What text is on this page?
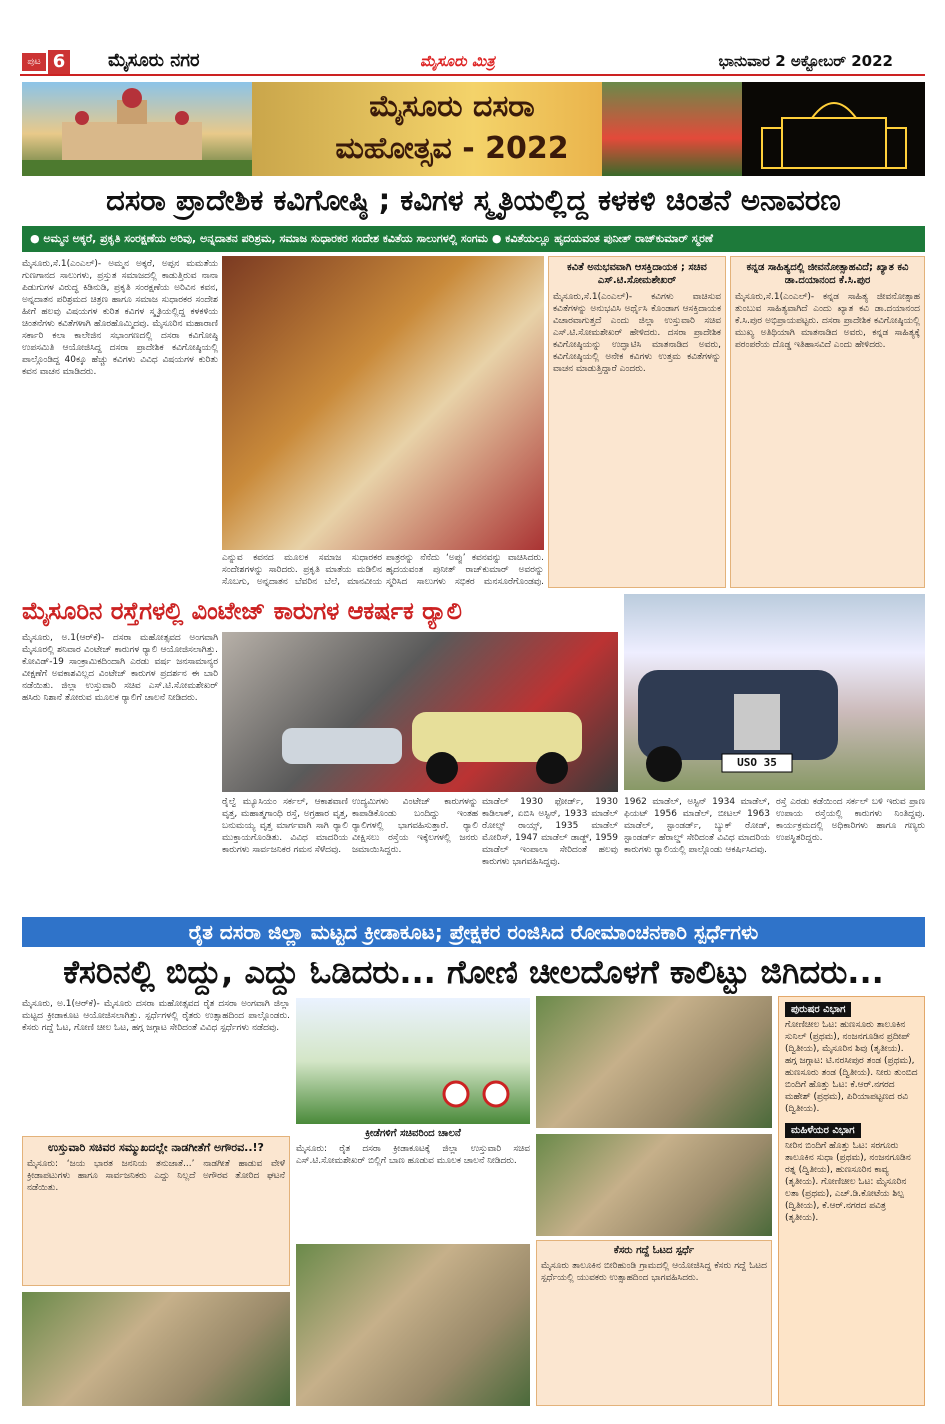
ಪುಟ 6 ಮೈಸೂರು ನಗರ	ಮೈಸೂರು ಮಿತ್ರ	ಭಾನುವಾರ 2 ಅಕ್ಟೋಬರ್ 2022
ಮೈಸೂರು ದಸರಾ
ಮಹೋತ್ಸವ - 2022
ದಸರಾ ಪ್ರಾದೇಶಿಕ ಕವಿಗೋಷ್ಠಿ ; ಕವಿಗಳ ಸ್ಮೃತಿಯಲ್ಲಿದ್ದ ಕಳಕಳಿ ಚಿಂತನೆ ಅನಾವರಣ
● ಅಮ್ಮನ ಅಕ್ಕರೆ, ಪ್ರಕೃತಿ ಸಂರಕ್ಷಣೆಯ ಅರಿವು, ಅನ್ನದಾತನ ಪರಿಶ್ರಮ, ಸಮಾಜ ಸುಧಾರಕರ ಸಂದೇಶ ಕವಿತೆಯ ಸಾಲುಗಳಲ್ಲಿ ಸಂಗಮ ● ಕವಿತೆಯಲ್ಲೂ ಹೃದಯವಂತ ಪುನೀತ್ ರಾಜ್‌ಕುಮಾರ್ ಸ್ಮರಣೆ
ಮೈಸೂರು,ಸೆ.1(ಎಂಎಲ್)- ಅಮ್ಮನ ಅಕ್ಕರೆ, ಅಪ್ಪನ ಮಮತೆಯ ಗುಣಗಾನದ ಸಾಲುಗಳು, ಪ್ರಸ್ತುತ ಸಮಾಜದಲ್ಲಿ ಕಾಡುತ್ತಿರುವ ನಾನಾ ಪಿಡುಗುಗಳ ವಿರುದ್ಧ ಕಿಡಿನುಡಿ, ಪ್ರಕೃತಿ ಸಂರಕ್ಷಣೆಯ ಅರಿವಿನ ಕವನ, ಅನ್ನದಾತನ ಪರಿಶ್ರಮದ ಚಿತ್ರಣ ಹಾಗೂ ಸಮಾಜ ಸುಧಾರಕರ ಸಂದೇಶ ಹೀಗೆ ಹಲವು ವಿಷಯಗಳ ಕುರಿತ ಕವಿಗಳ ಸ್ಮೃತಿಯಲ್ಲಿದ್ದ ಕಳಕಳಿಯ ಚಿಂತನೆಗಳು ಕವಿತೆಗಳಾಗಿ ಹೊರಹೊಮ್ಮಿದವು. ಮೈಸೂರಿನ ಮಹಾರಾಣಿ ಸರ್ಕಾರಿ ಕಲಾ ಕಾಲೇಜಿನ ಸಭಾಂಗಣದಲ್ಲಿ ದಸರಾ ಕವಿಗೋಷ್ಠಿ ಉಪಸಮಿತಿ ಆಯೋಜಿಸಿದ್ದ ದಸರಾ ಪ್ರಾದೇಶಿಕ ಕವಿಗೋಷ್ಠಿಯಲ್ಲಿ ಪಾಲ್ಗೊಂಡಿದ್ದ 40ಕ್ಕೂ ಹೆಚ್ಚು ಕವಿಗಳು ವಿವಿಧ ವಿಷಯಗಳ ಕುರಿತು ಕವನ ವಾಚನ ಮಾಡಿದರು.
ಎನ್ನುವ ಕವನದ ಮೂಲಕ ಸಮಾಜ ಸುಧಾರಕರ ಸಂದೇಶಗಳನ್ನು ಸಾರಿದರು. ಪ್ರಕೃತಿ ಮಾತೆಯ ಮಡಿಲಿನ ಸೊಬಗು, ಅನ್ನದಾತನ ಬೆವರಿನ ಬೆಲೆ, ಮಾನವೀಯ
ಪಾತ್ರರನ್ನು ನೆನೆದು ‘ಅಪ್ಪು’ ಕವನವನ್ನು ವಾಚಿಸಿದರು. ಹೃದಯವಂತ ಪುನೀತ್ ರಾಜ್‌ಕುಮಾರ್ ಅವರನ್ನು ಸ್ಮರಿಸಿದ ಸಾಲುಗಳು ಸಭಿಕರ ಮನಸೂರೆಗೊಂಡವು.
ಕವಿತೆ ಅನುಭವವಾಗಿ ಆಸಕ್ತಿದಾಯಕ ; ಸಚಿವ ಎಸ್.ಟಿ.ಸೋಮಶೇಖರ್
ಮೈಸೂರು,ಸೆ.1(ಎಂಎಲ್)- ಕವಿಗಳು ವಾಚಿಸುವ ಕವಿತೆಗಳನ್ನು ಅನುಭವಿಸಿ ಅರ್ಥೈಸಿ ಕೊಂಡಾಗ ಆಸಕ್ತಿದಾಯಕ ವಿಚಾರವಾಗುತ್ತದೆ ಎಂದು ಜಿಲ್ಲಾ ಉಸ್ತುವಾರಿ ಸಚಿವ ಎಸ್.ಟಿ.ಸೋಮಶೇಖರ್ ಹೇಳಿದರು. ದಸರಾ ಪ್ರಾದೇಶಿಕ ಕವಿಗೋಷ್ಠಿಯನ್ನು ಉದ್ಘಾಟಿಸಿ ಮಾತನಾಡಿದ ಅವರು, ಕವಿಗೋಷ್ಠಿಯಲ್ಲಿ ಅನೇಕ ಕವಿಗಳು ಉತ್ತಮ ಕವಿತೆಗಳನ್ನು ವಾಚನ ಮಾಡುತ್ತಿದ್ದಾರೆ ಎಂದರು.
ಕನ್ನಡ ಸಾಹಿತ್ಯದಲ್ಲಿ ಜೀವನೋತ್ಸಾಹವಿದೆ; ಖ್ಯಾತ ಕವಿ ಡಾ.ದಯಾನಂದ ಕೆ.ಸಿ.ಪುರ
ಮೈಸೂರು,ಸೆ.1(ಎಂಎಲ್)- ಕನ್ನಡ ಸಾಹಿತ್ಯ ಜೀವನೋತ್ಸಾಹ ತುಂಬುವ ಸಾಹಿತ್ಯವಾಗಿದೆ ಎಂದು ಖ್ಯಾತ ಕವಿ ಡಾ.ದಯಾನಂದ ಕೆ.ಸಿ.ಪುರ ಅಭಿಪ್ರಾಯಪಟ್ಟರು. ದಸರಾ ಪ್ರಾದೇಶಿಕ ಕವಿಗೋಷ್ಠಿಯಲ್ಲಿ ಮುಖ್ಯ ಅತಿಥಿಯಾಗಿ ಮಾತನಾಡಿದ ಅವರು, ಕನ್ನಡ ಸಾಹಿತ್ಯಕ್ಕೆ ಪರಂಪರೆಯ ದೊಡ್ಡ ಇತಿಹಾಸವಿದೆ ಎಂದು ಹೇಳಿದರು.
ಮೈಸೂರಿನ ರಸ್ತೆಗಳಲ್ಲಿ ವಿಂಟೇಜ್ ಕಾರುಗಳ ಆಕರ್ಷಕ ರ್‍ಯಾಲಿ
ಮೈಸೂರು, ಅ.1(ಆರ್‌ಕೆ)- ದಸರಾ ಮಹೋತ್ಸವದ ಅಂಗವಾಗಿ ಮೈಸೂರಲ್ಲಿ ಶನಿವಾರ ವಿಂಟೇಜ್ ಕಾರುಗಳ ರ್‍ಯಾಲಿ ಆಯೋಜಿಸಲಾಗಿತ್ತು. ಕೋವಿಡ್-19 ಸಾಂಕ್ರಾಮಿಕದಿಂದಾಗಿ ಎರಡು ವರ್ಷ ಜನಸಾಮಾನ್ಯರ ವೀಕ್ಷಣೆಗೆ ಅವಕಾಶವಿಲ್ಲದ ವಿಂಟೇಜ್ ಕಾರುಗಳ ಪ್ರದರ್ಶನ ಈ ಬಾರಿ ನಡೆಯಿತು. ಜಿಲ್ಲಾ ಉಸ್ತುವಾರಿ ಸಚಿವ ಎಸ್.ಟಿ.ಸೋಮಶೇಖರ್ ಹಸಿರು ನಿಶಾನೆ ತೋರುವ ಮೂಲಕ ರ್‍ಯಾಲಿಗೆ ಚಾಲನೆ ನೀಡಿದರು.
USO 35
ರೈಲ್ವೆ ಮ್ಯೂಸಿಯಂ ಸರ್ಕಲ್, ಆಕಾಶವಾಣಿ ವೃತ್ತ, ಮಹಾತ್ಮಗಾಂಧಿ ರಸ್ತೆ, ಅಗ್ರಹಾರ ವೃತ್ತ, ಬನುಮಯ್ಯ ವೃತ್ತ ಮಾರ್ಗವಾಗಿ ಸಾಗಿ ರ್‍ಯಾಲಿ ಮುಕ್ತಾಯಗೊಂಡಿತು. ವಿವಿಧ ಮಾದರಿಯ ಕಾರುಗಳು ಸಾರ್ವಜನಿಕರ ಗಮನ ಸೆಳೆದವು.
ಉದ್ಯಮಿಗಳು ವಿಂಟೇಜ್ ಕಾರುಗಳನ್ನು ಕಾಪಾಡಿಕೊಂಡು ಬಂದಿದ್ದು ಇಂತಹ ರ್‍ಯಾಲಿಗಳಲ್ಲಿ ಭಾಗವಹಿಸುತ್ತಾರೆ. ರ್‍ಯಾಲಿ ವೀಕ್ಷಿಸಲು ರಸ್ತೆಯ ಇಕ್ಕೆಲಗಳಲ್ಲಿ ಜನರು ಜಮಾಯಿಸಿದ್ದರು.
ಮಾಡೆಲ್ 1930 ಫೋರ್ಡ್, 1930 ಕಾಡಿಲಾಕ್, ಏಬಿಸಿ ಅಸ್ಟಿನ್, 1933 ಮಾಡೆಲ್ ರೋಲ್ಸ್ ರಾಯ್ಸ್, 1935 ಮಾಡೆಲ್ ಮೋರಿಸ್, 1947 ಮಾಡೆಲ್ ಡಾಡ್ಜ್, 1959 ಮಾಡೆಲ್ ಇಂಪಾಲಾ ಸೇರಿದಂತೆ ಹಲವು ಕಾರುಗಳು ಭಾಗವಹಿಸಿದ್ದವು.
1962 ಮಾಡೆಲ್, ಅಸ್ಟಿನ್ 1934 ಮಾಡೆಲ್, ಫಿಯಟ್ 1956 ಮಾಡೆಲ್, ಬೀಟಲ್ 1963 ಮಾಡೆಲ್, ಸ್ಟಾಂಡರ್ಡ್, ಬ್ಯುಕ್ ರೋಡ್, ಸ್ಟಾಂಡರ್ಡ್ ಹೆರಾಲ್ಡ್ ಸೇರಿದಂತೆ ವಿವಿಧ ಮಾದರಿಯ ಕಾರುಗಳು ರ್‍ಯಾಲಿಯಲ್ಲಿ ಪಾಲ್ಗೊಂಡು ಆಕರ್ಷಿಸಿದವು.
ರಸ್ತೆ ಎರಡು ಕಡೆಯಿಂದ ಸರ್ಕಲ್ ಬಳಿ ಇರುವ ಪ್ರಾಣ ಉಪಾಯ ರಸ್ತೆಯಲ್ಲಿ ಕಾರುಗಳು ನಿಂತಿದ್ದವು. ಕಾರ್ಯಕ್ರಮದಲ್ಲಿ ಅಧಿಕಾರಿಗಳು ಹಾಗೂ ಗಣ್ಯರು ಉಪಸ್ಥಿತರಿದ್ದರು.
ರೈತ ದಸರಾ ಜಿಲ್ಲಾ ಮಟ್ಟದ ಕ್ರೀಡಾಕೂಟ; ಪ್ರೇಕ್ಷಕರ ರಂಜಿಸಿದ ರೋಮಾಂಚನಕಾರಿ ಸ್ಪರ್ಧೆಗಳು
ಕೆಸರಿನಲ್ಲಿ ಬಿದ್ದು, ಎದ್ದು ಓಡಿದರು... ಗೋಣಿ ಚೀಲದೊಳಗೆ ಕಾಲಿಟ್ಟು ಜಿಗಿದರು...
ಮೈಸೂರು, ಅ.1(ಆರ್‌ಕೆ)- ಮೈಸೂರು ದಸರಾ ಮಹೋತ್ಸವದ ರೈತ ದಸರಾ ಅಂಗವಾಗಿ ಜಿಲ್ಲಾ ಮಟ್ಟದ ಕ್ರೀಡಾಕೂಟ ಆಯೋಜಿಸಲಾಗಿತ್ತು. ಸ್ಪರ್ಧೆಗಳಲ್ಲಿ ರೈತರು ಉತ್ಸಾಹದಿಂದ ಪಾಲ್ಗೊಂಡರು. ಕೆಸರು ಗದ್ದೆ ಓಟ, ಗೋಣಿ ಚೀಲ ಓಟ, ಹಗ್ಗ ಜಗ್ಗಾಟ ಸೇರಿದಂತೆ ವಿವಿಧ ಸ್ಪರ್ಧೆಗಳು ನಡೆದವು.
ಉಸ್ತುವಾರಿ ಸಚಿವರ ಸಮ್ಮುಖದಲ್ಲೇ ನಾಡಗೀತೆಗೆ ಅಗೌರವ..!?
ಮೈಸೂರು: ‘ಜಯ ಭಾರತ ಜನನಿಯ ತನುಜಾತೆ...’ ನಾಡಗೀತೆ ಹಾಡುವ ವೇಳೆ ಕ್ರೀಡಾಪಟುಗಳು ಹಾಗೂ ಸಾರ್ವಜನಿಕರು ಎದ್ದು ನಿಲ್ಲದೆ ಅಗೌರವ ತೋರಿದ ಘಟನೆ ನಡೆಯಿತು.
ಕ್ರೀಡೆಗಳಿಗೆ ಸಚಿವರಿಂದ ಚಾಲನೆ
ಮೈಸೂರು: ರೈತ ದಸರಾ ಕ್ರೀಡಾಕೂಟಕ್ಕೆ ಜಿಲ್ಲಾ ಉಸ್ತುವಾರಿ ಸಚಿವ ಎಸ್.ಟಿ.ಸೋಮಶೇಖರ್ ಬಿಲ್ಲಿಗೆ ಬಾಣ ಹೂಡುವ ಮೂಲಕ ಚಾಲನೆ ನೀಡಿದರು.
ಕೆಸರು ಗದ್ದೆ ಓಟದ ಸ್ಪರ್ಧೆ
ಮೈಸೂರು ತಾಲೂಕಿನ ಬೀರಿಹುಂಡಿ ಗ್ರಾಮದಲ್ಲಿ ಆಯೋಜಿಸಿದ್ದ ಕೆಸರು ಗದ್ದೆ ಓಟದ ಸ್ಪರ್ಧೆಯಲ್ಲಿ ಯುವಕರು ಉತ್ಸಾಹದಿಂದ ಭಾಗವಹಿಸಿದರು.
ಪುರುಷರ ವಿಭಾಗ
ಗೋಣಿಚೀಲ ಓಟ: ಹುಣಸೂರು ತಾಲೂಕಿನ ಸುನಿಲ್ (ಪ್ರಥಮ), ನಂಜನಗೂಡಿನ ಪ್ರದೀಪ್ (ದ್ವಿತೀಯ), ಮೈಸೂರಿನ ಶಿವು (ತೃತೀಯ). ಹಗ್ಗ ಜಗ್ಗಾಟ: ಟಿ.ನರಸೀಪುರ ತಂಡ (ಪ್ರಥಮ), ಹುಣಸೂರು ತಂಡ (ದ್ವಿತೀಯ). ನೀರು ತುಂಬಿದ ಬಿಂದಿಗೆ ಹೊತ್ತು ಓಟ: ಕೆ.ಆರ್.ನಗರದ ಮಹೇಶ್ (ಪ್ರಥಮ), ಪಿರಿಯಾಪಟ್ಟಣದ ರವಿ (ದ್ವಿತೀಯ).
ಮಹಿಳೆಯರ ವಿಭಾಗ
ನೀರಿನ ಬಿಂದಿಗೆ ಹೊತ್ತು ಓಟ: ಸರಗೂರು ತಾಲೂಕಿನ ಸುಧಾ (ಪ್ರಥಮ), ನಂಜನಗೂಡಿನ ರತ್ನ (ದ್ವಿತೀಯ), ಹುಣಸೂರಿನ ಕಾವ್ಯ (ತೃತೀಯ). ಗೋಣಿಚೀಲ ಓಟ: ಮೈಸೂರಿನ ಲತಾ (ಪ್ರಥಮ), ಎಚ್.ಡಿ.ಕೋಟೆಯ ಶಿಲ್ಪ (ದ್ವಿತೀಯ), ಕೆ.ಆರ್.ನಗರದ ಪವಿತ್ರ (ತೃತೀಯ).
